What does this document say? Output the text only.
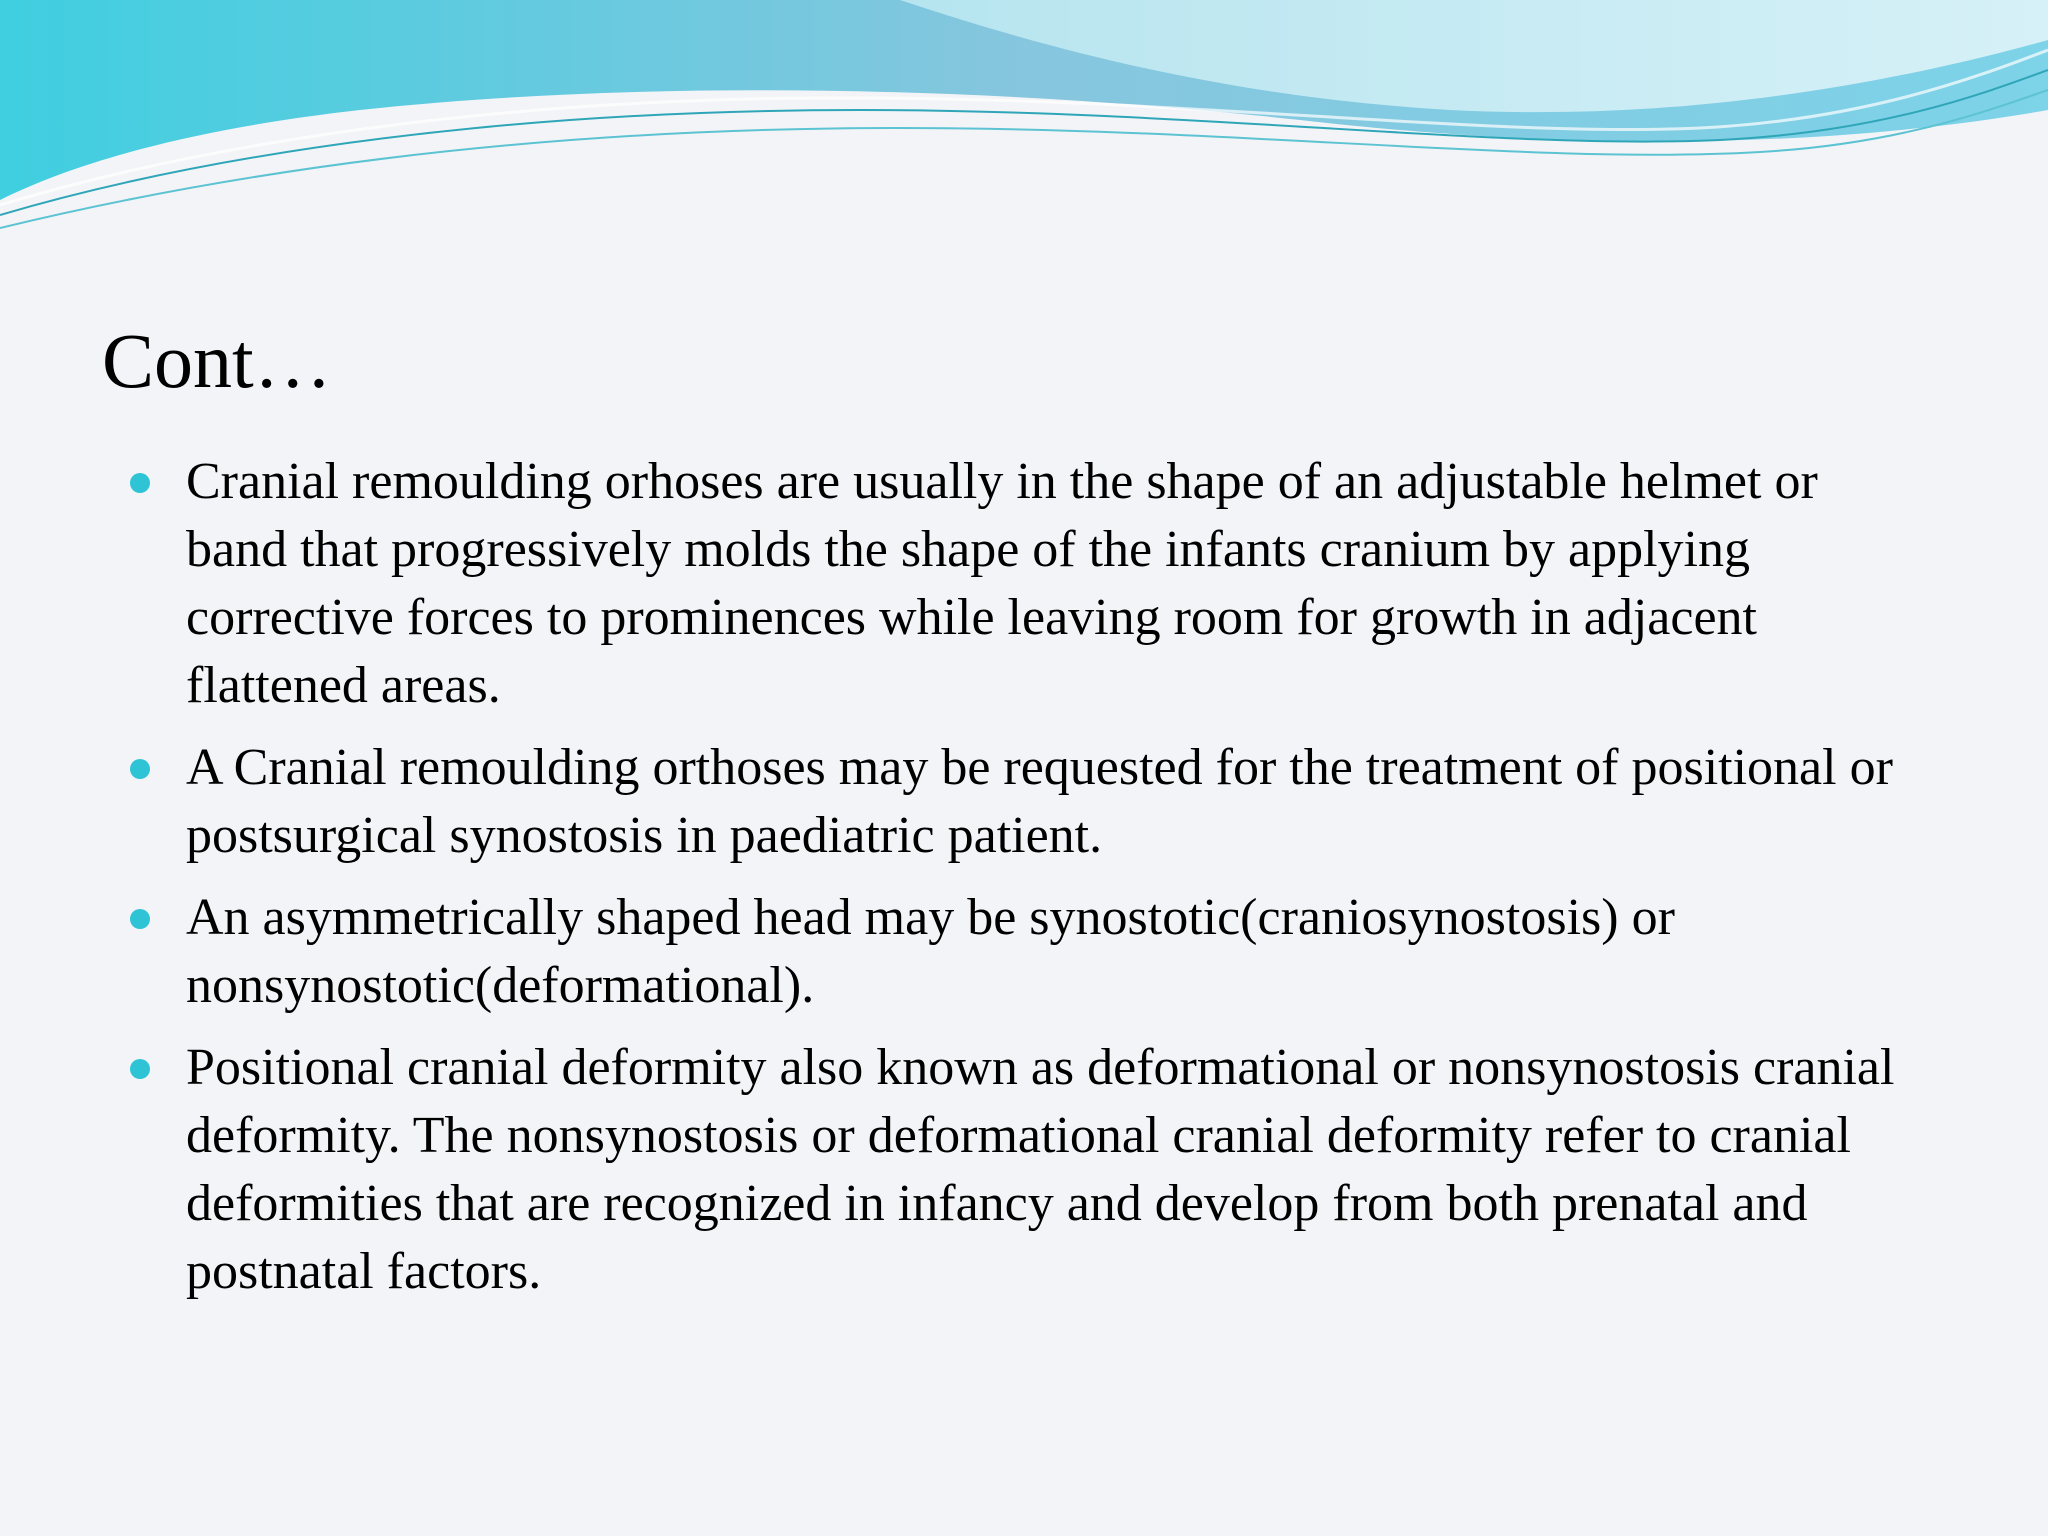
Cont…
Cranial remoulding orhoses are usually in the shape of an adjustable helmet or band that progressively molds the shape of the infants cranium by applying corrective forces to prominences while leaving room for growth in adjacent flattened areas.
A Cranial remoulding orthoses may be requested for the treatment of positional or postsurgical synostosis in paediatric patient.
An asymmetrically shaped head may be synostotic(craniosynostosis) or nonsynostotic(deformational).
Positional cranial deformity also known as deformational or nonsynostosis cranial deformity. The nonsynostosis or deformational cranial deformity refer to cranial deformities that are recognized in infancy and develop from both prenatal and postnatal factors.
